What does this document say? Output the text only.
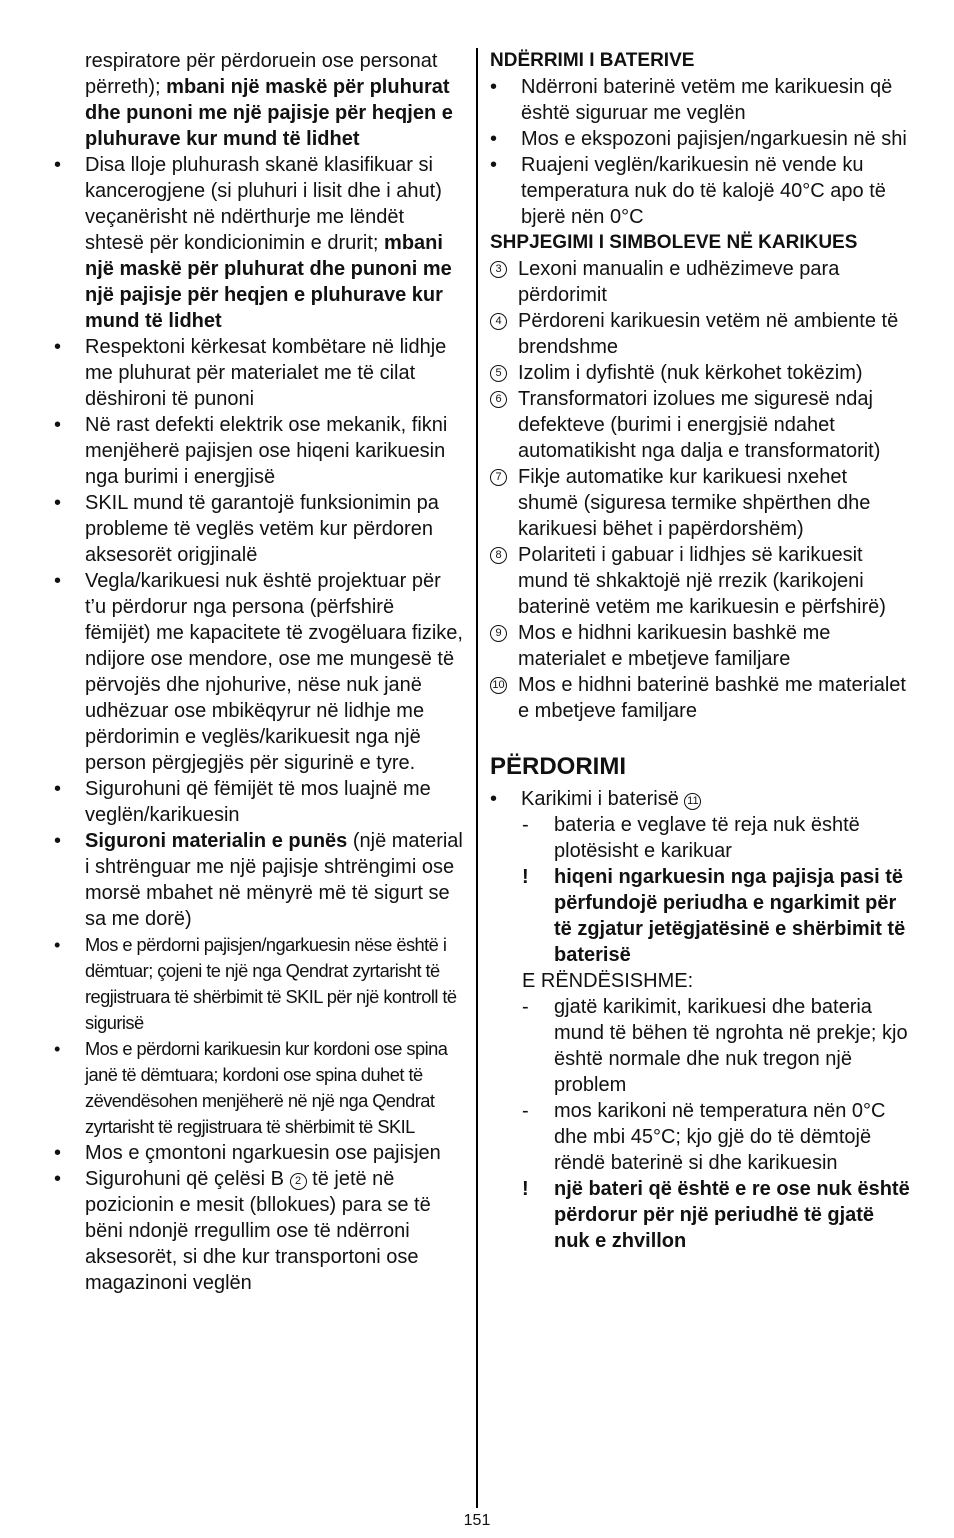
respiratore për përdoruein ose personat përreth); mbani një maskë për pluhurat dhe punoni me një pajisje për heqjen e pluhurave kur mund të lidhet

• Disa lloje pluhurash skanë klasifikuar si kancerogjene (si pluhuri i lisit dhe i ahut) veçanërisht në ndërthurje me lëndët shtesë për kondicionimin e drurit; mbani një maskë për pluhurat dhe punoni me një pajisje për heqjen e pluhurave kur mund të lidhet

• Respektoni kërkesat kombëtare në lidhje me pluhurat për materialet me të cilat dëshironi të punoni

• Në rast defekti elektrik ose mekanik, fikni menjëherë pajisjen ose hiqeni karikuesin nga burimi i energjisë

• SKIL mund të garantojë funksionimin pa probleme të veglës vetëm kur përdoren aksesorët origjinalë

• Vegla/karikuesi nuk është projektuar për t’u përdorur nga persona (përfshirë fëmijët) me kapacitete të zvogëluara fizike, ndijore ose mendore, ose me mungesë të përvojës dhe njohurive, nëse nuk janë udhëzuar ose mbikëqyrur në lidhje me përdorimin e veglës/karikuesit nga një person përgjegjës për sigurinë e tyre.

• Sigurohuni që fëmijët të mos luajnë me veglën/karikuesin

• Siguroni materialin e punës (një material i shtrënguar me një pajisje shtrëngimi ose morsë mbahet në mënyrë më të sigurt se sa me dorë)

• Mos e përdorni pajisjen/ngarkuesin nëse është i dëmtuar; çojeni te një nga Qendrat zyrtarisht të regjistruara të shërbimit të SKIL për një kontroll të sigurisë

• Mos e përdorni karikuesin kur kordoni ose spina janë të dëmtuara; kordoni ose spina duhet të zëvendësohen menjëherë në një nga Qendrat zyrtarisht të regjistruara të shërbimit të SKIL

• Mos e çmontoni ngarkuesin ose pajisjen

• Sigurohuni që çelësi B 2 të jetë në pozicionin e mesit (bllokues) para se të bëni ndonjë rregullim ose të ndërroni aksesorët, si dhe kur transportoni ose magazinoni veglën

NDËRRIMI I BATERIVE

• Ndërroni baterinë vetëm me karikuesin që është siguruar me veglën

• Mos e ekspozoni pajisjen/ngarkuesin në shi

• Ruajeni veglën/karikuesin në vende ku temperatura nuk do të kalojë 40°C apo të bjerë nën 0°C

SHPJEGIMI I SIMBOLEVE NË KARIKUES

3 Lexoni manualin e udhëzimeve para përdorimit

4 Përdoreni karikuesin vetëm në ambiente të brendshme

5 Izolim i dyfishtë (nuk kërkohet tokëzim)

6 Transformatori izolues me siguresë ndaj defekteve (burimi i energjsië ndahet automatikisht nga dalja e transformatorit)

7 Fikje automatike kur karikuesi nxehet shumë (siguresa termike shpërthen dhe karikuesi bëhet i papërdorshëm)

8 Polariteti i gabuar i lidhjes së karikuesit mund të shkaktojë një rrezik (karikojeni baterinë vetëm me karikuesin e përfshirë)

9 Mos e hidhni karikuesin bashkë me materialet e mbetjeve familjare

10 Mos e hidhni baterinë bashkë me materialet e mbetjeve familjare

PËRDORIMI

• Karikimi i baterisë 11

- bateria e veglave të reja nuk është plotësisht e karikuar

! hiqeni ngarkuesin nga pajisja pasi të përfundojë periudha e ngarkimit për të zgjatur jetëgjatësinë e shërbimit të baterisë

E RËNDËSISHME:

- gjatë karikimit, karikuesi dhe bateria mund të bëhen të ngrohta në prekje; kjo është normale dhe nuk tregon një problem

- mos karikoni në temperatura nën 0°C dhe mbi 45°C; kjo gjë do të dëmtojë rëndë baterinë si dhe karikuesin

! një bateri që është e re ose nuk është përdorur për një periudhë të gjatë nuk e zhvillon

151
